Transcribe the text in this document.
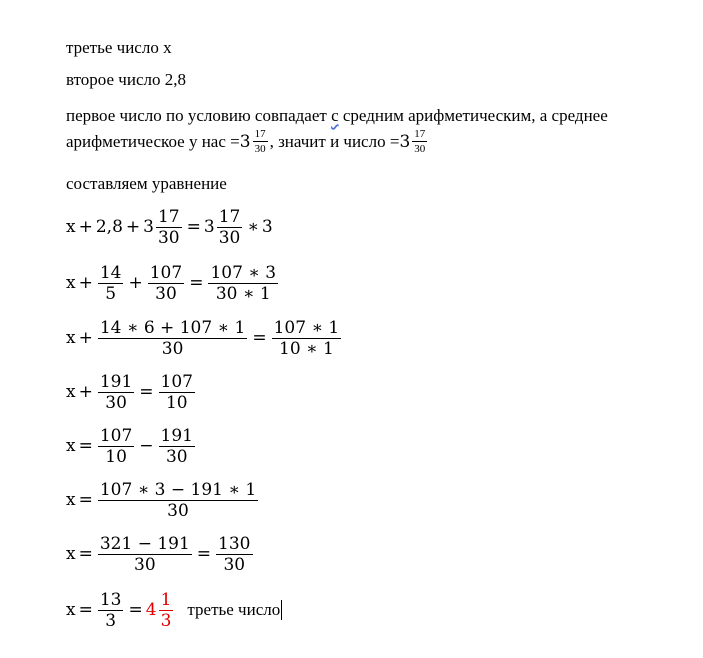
третье число x
второе число 2,8
первое число по условию совпадает с средним арифметическим, а среднее
арифметическое у нас = $3 \frac{17}{30}$ , значит и число = $3 \frac{17}{30}$
составляем уравнение
$x + 2,8 + 3 \frac{17}{30} = 3 \frac{17}{30}$ ∗ 3
$x + \frac{14}{5} + \frac{107}{30} = \frac{107 ∗ 3}{30 ∗ 1}$
$x + \frac{14 ∗ 6 + 107 ∗ 1}{30} = \frac{107 ∗ 1}{10 ∗ 1}$
$x + \frac{191}{30} = \frac{107}{10}$
$x = \frac{107}{10} - \frac{191}{30}$
$x = \frac{107 ∗ 3 - 191 ∗ 1}{30}$
$x = \frac{321 - 191}{30} = \frac{130}{30}$
$x = \frac{13}{3} = 4 \frac{1}{3}$ третье число
